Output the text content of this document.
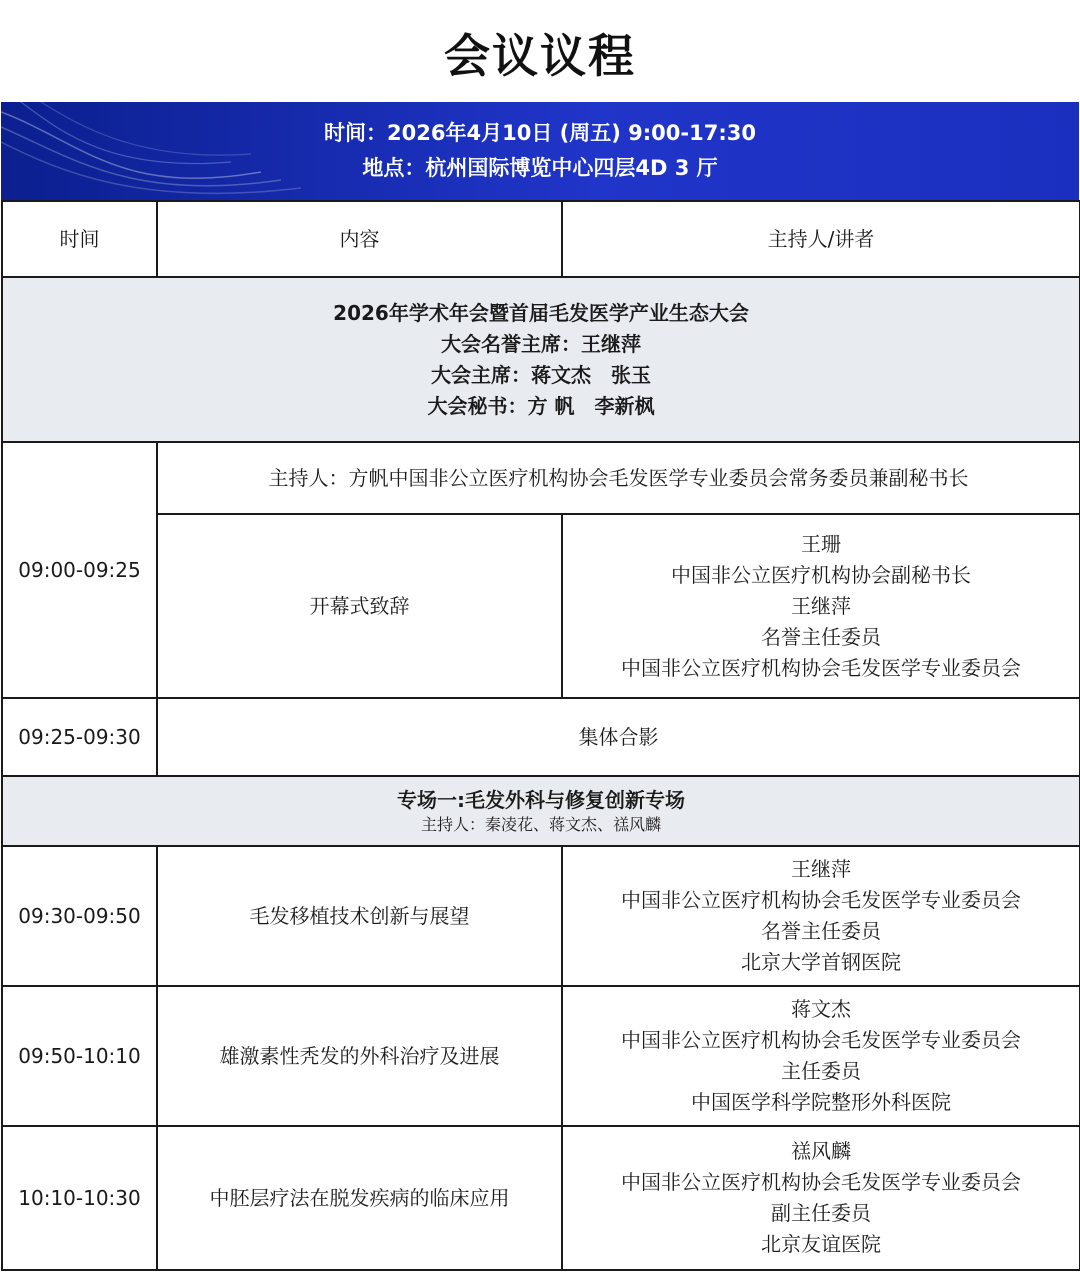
会议议程
时间：2026年4月10日 (周五) 9:00-17:30
地点：杭州国际博览中心四层4D 3 厅
时间	内容	主持人/讲者

2026年学术年会暨首届毛发医学产业生态大会
大会名誉主席：王继萍
大会主席：蒋文杰　张玉
大会秘书：方 帆　李新枫		

09:00-09:25	主持人：方帆中国非公立医疗机构协会毛发医学专业委员会常务委员兼副秘书长	
	开幕式致辞	王珊
中国非公立医疗机构协会副秘书长
王继萍
名誉主任委员
中国非公立医疗机构协会毛发医学专业委员会

09:25-09:30	集体合影	

专场一:毛发外科与修复创新专场
主持人：秦凌花、蒋文杰、禚风麟		

09:30-09:50	毛发移植技术创新与展望	王继萍
中国非公立医疗机构协会毛发医学专业委员会
名誉主任委员
北京大学首钢医院

09:50-10:10	雄激素性秃发的外科治疗及进展	蒋文杰
中国非公立医疗机构协会毛发医学专业委员会
主任委员
中国医学科学院整形外科医院

10:10-10:30	中胚层疗法在脱发疾病的临床应用	禚风麟
中国非公立医疗机构协会毛发医学专业委员会
副主任委员
北京友谊医院
